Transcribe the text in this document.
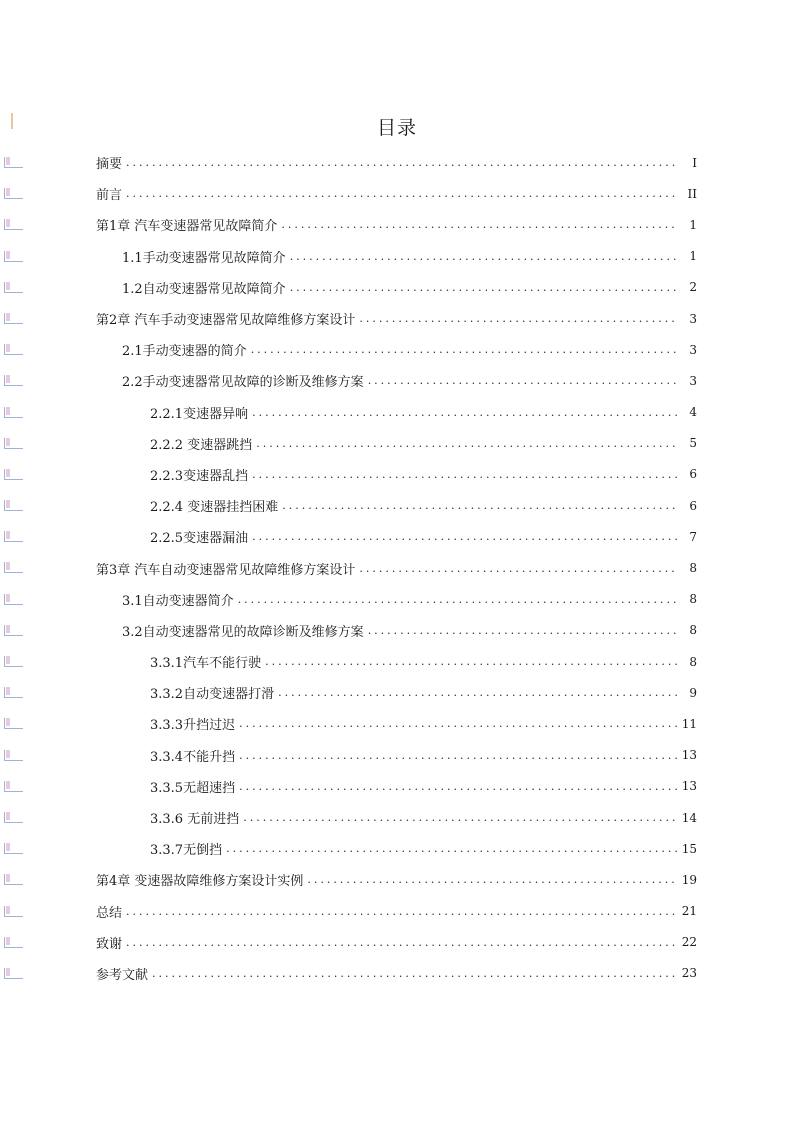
目录
摘要 .....	I
前言 .....	II
第1章 汽车变速器常见故障简介 .....	1
1.1手动变速器常见故障简介 .....	1
1.2自动变速器常见故障简介 .....	2
第2章 汽车手动变速器常见故障维修方案设计 .....	3
2.1手动变速器的简介 .....	3
2.2手动变速器常见故障的诊断及维修方案 .....	3
2.2.1变速器异响 .....	4
2.2.2 变速器跳挡 .....	5
2.2.3变速器乱挡 .....	6
2.2.4 变速器挂挡困难 .....	6
2.2.5变速器漏油 .....	7
第3章 汽车自动变速器常见故障维修方案设计 .....	8
3.1自动变速器简介 .....	8
3.2自动变速器常见的故障诊断及维修方案 .....	8
3.3.1汽车不能行驶 .....	8
3.3.2自动变速器打滑 .....	9
3.3.3升挡过迟 .....	11
3.3.4不能升挡 .....	13
3.3.5无超速挡 .....	13
3.3.6 无前进挡 .....	14
3.3.7无倒挡 .....	15
第4章 变速器故障维修方案设计实例 .....	19
总结 .....	21
致谢 .....	22
参考文献 .....	23
